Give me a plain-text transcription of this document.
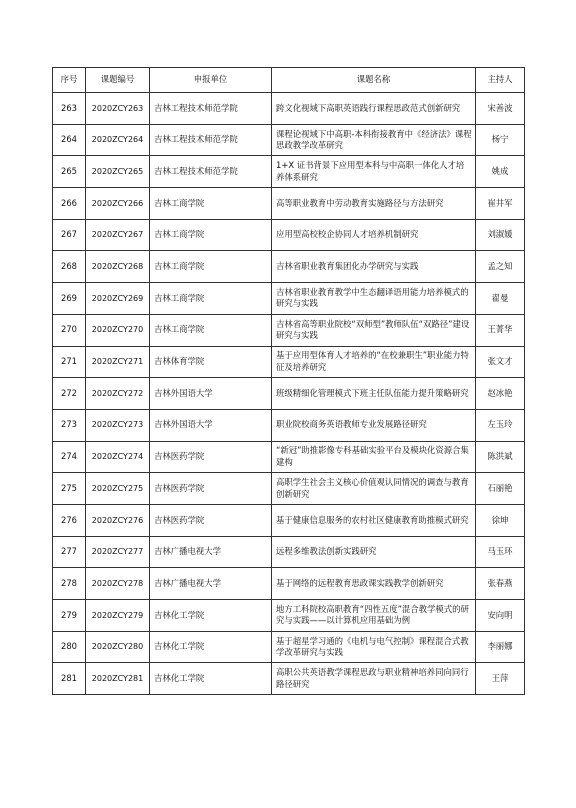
序号	课题编号	申报单位	课题名称	主持人
263	2020ZCY263	吉林工程技术师范学院	跨文化视域下高职英语践行课程思政范式创新研究	宋善波
264	2020ZCY264	吉林工程技术师范学院	课程论视域下中高职-本科衔接教育中《经济法》课程思政教学改革研究	杨宁
265	2020ZCY265	吉林工程技术师范学院	1+X 证书背景下应用型本科与中高职一体化人才培养体系研究	姚成
266	2020ZCY266	吉林工商学院	高等职业教育中劳动教育实施路径与方法研究	崔井军
267	2020ZCY267	吉林工商学院	应用型高校校企协同人才培养机制研究	刘淑媛
268	2020ZCY268	吉林工商学院	吉林省职业教育集团化办学研究与实践	孟之知
269	2020ZCY269	吉林工商学院	吉林省职业教育教学中生态翻译语用能力培养模式的研究与实践	翟曼
270	2020ZCY270	吉林工商学院	吉林省高等职业院校“双师型”教师队伍“双路径”建设研究与实践	王菁华
271	2020ZCY271	吉林体育学院	基于应用型体育人才培养的“在校兼职生”职业能力特征及培养研究	张文才
272	2020ZCY272	吉林外国语大学	班级精细化管理模式下班主任队伍能力提升策略研究	赵冰艳
273	2020ZCY273	吉林外国语大学	职业院校商务英语教师专业发展路径研究	左玉玲
274	2020ZCY274	吉林医药学院	“新冠”助推影像专科基础实验平台及模块化资源合集建构	陈洪斌
275	2020ZCY275	吉林医药学院	高职学生社会主义核心价值观认同情况的调查与教育创新研究	石丽艳
276	2020ZCY276	吉林医药学院	基于健康信息服务的农村社区健康教育助推模式研究	徐坤
277	2020ZCY277	吉林广播电视大学	远程多维教法创新实践研究	马玉环
278	2020ZCY278	吉林广播电视大学	基于网络的远程教育思政课实践教学创新研究	张春燕
279	2020ZCY279	吉林化工学院	地方工科院校高职教育“四性五度”混合教学模式的研究与实践——以计算机应用基础为例	安向明
280	2020ZCY280	吉林化工学院	基于超星学习通的《电机与电气控制》课程混合式教学改革研究与实践	李丽娜
281	2020ZCY281	吉林化工学院	高职公共英语教学课程思政与职业精神培养同向同行路径研究	王萍
